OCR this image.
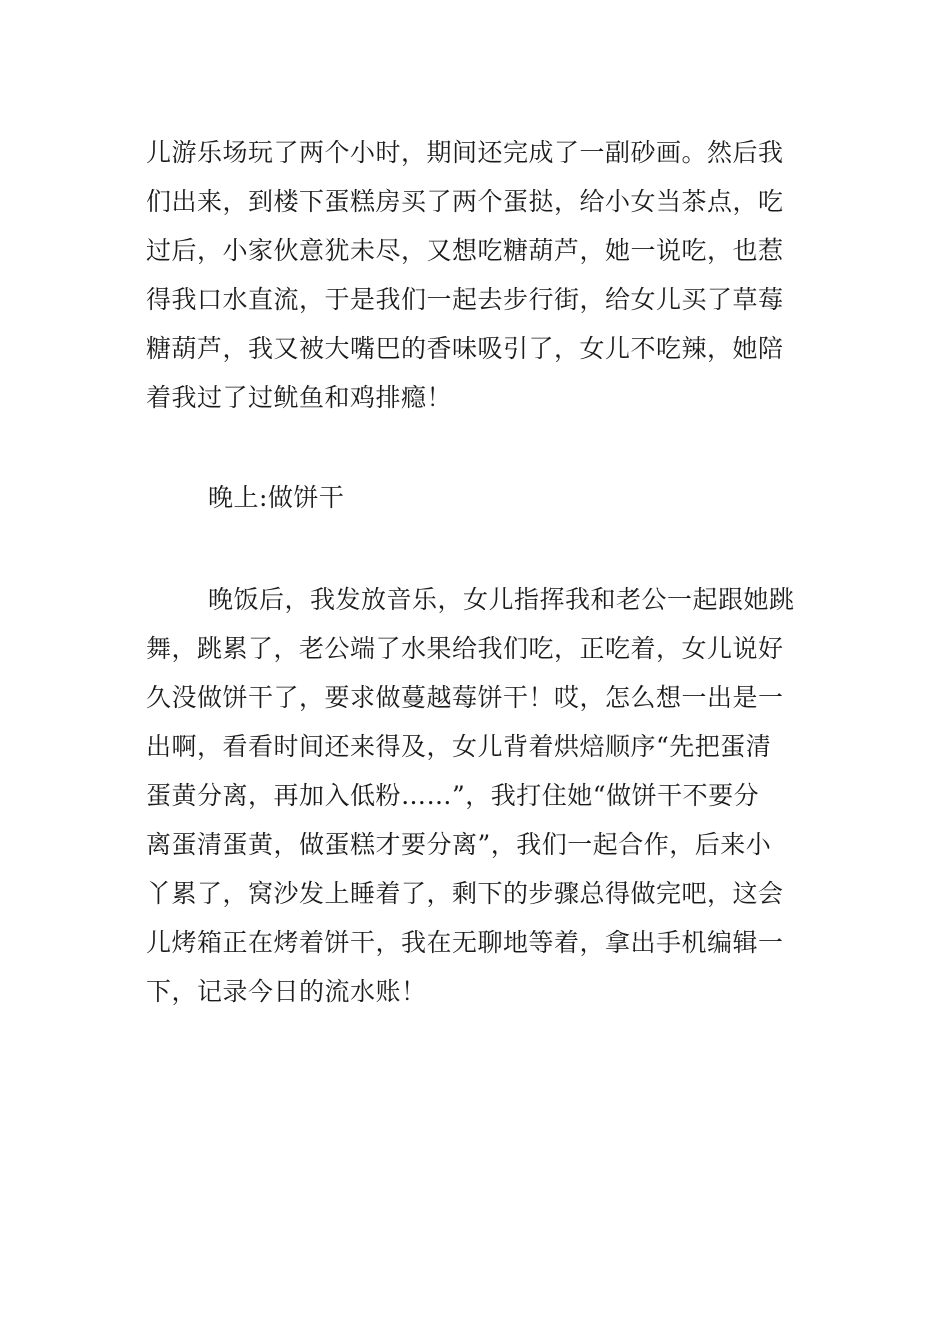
儿游乐场玩了两个小时，期间还完成了一副砂画。然后我
们出来，到楼下蛋糕房买了两个蛋挞，给小女当茶点，吃
过后，小家伙意犹未尽，又想吃糖葫芦，她一说吃，也惹
得我口水直流，于是我们一起去步行街，给女儿买了草莓
糖葫芦，我又被大嘴巴的香味吸引了，女儿不吃辣，她陪
着我过了过鱿鱼和鸡排瘾！
晚上:做饼干
晚饭后，我发放音乐，女儿指挥我和老公一起跟她跳
舞，跳累了，老公端了水果给我们吃，正吃着，女儿说好
久没做饼干了，要求做蔓越莓饼干！哎，怎么想一出是一
出啊，看看时间还来得及，女儿背着烘焙顺序“先把蛋清
蛋黄分离，再加入低粉……”，我打住她“做饼干不要分
离蛋清蛋黄，做蛋糕才要分离”，我们一起合作，后来小
丫累了，窝沙发上睡着了，剩下的步骤总得做完吧，这会
儿烤箱正在烤着饼干，我在无聊地等着，拿出手机编辑一
下，记录今日的流水账！
